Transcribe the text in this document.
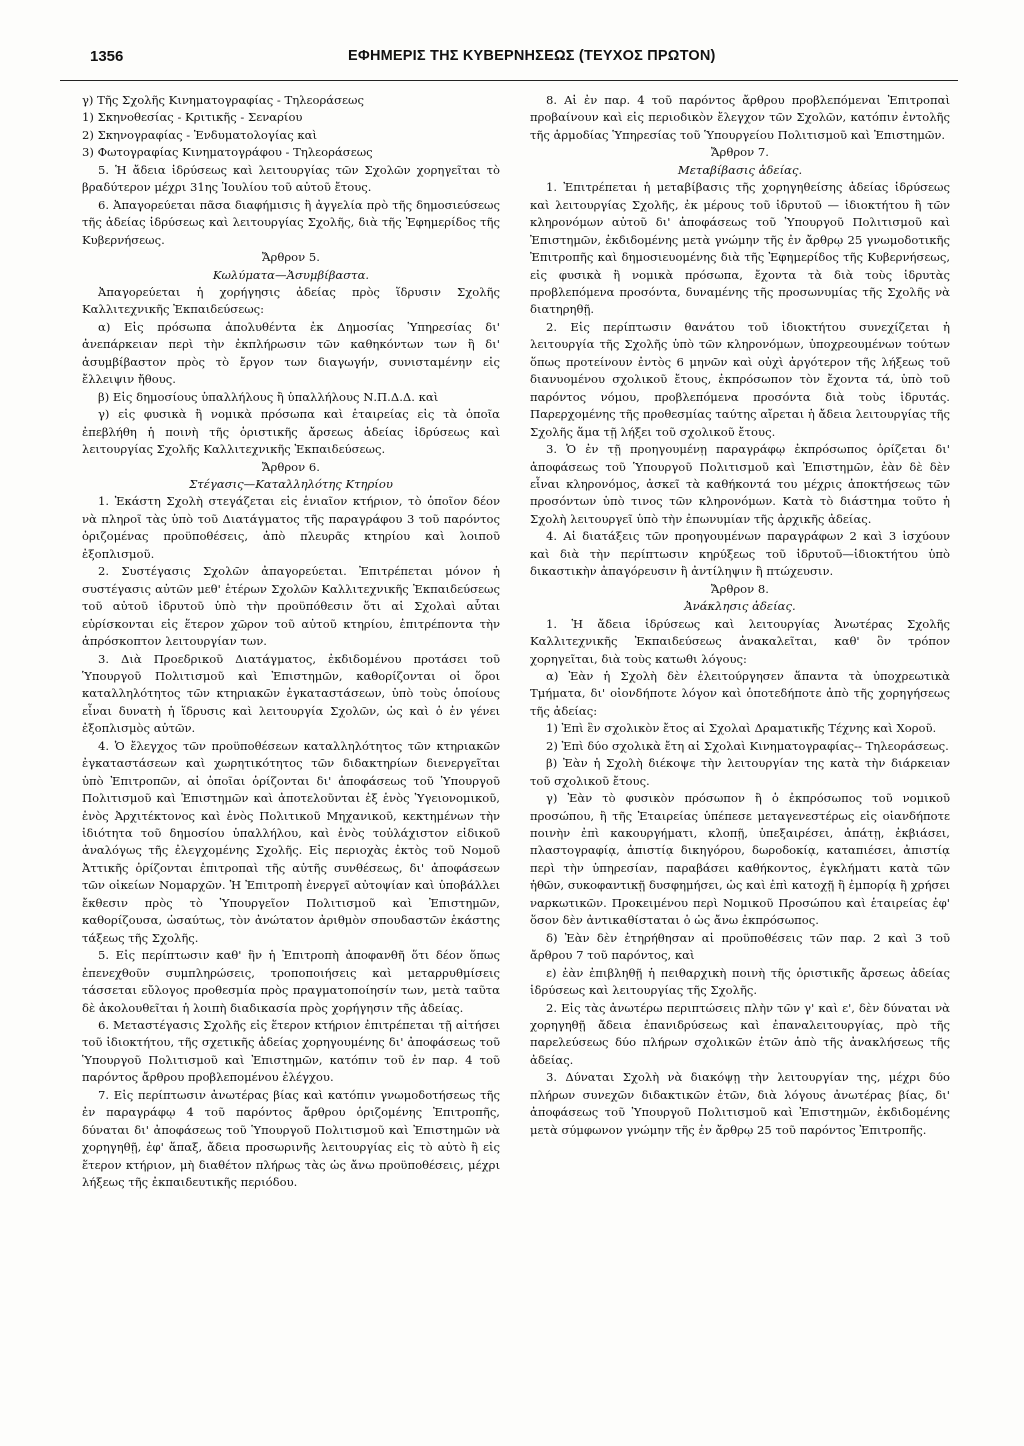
1356	ΕΦΗΜΕΡΙΣ ΤΗΣ ΚΥΒΕΡΝΗΣΕΩΣ (ΤΕΥΧΟΣ ΠΡΩΤΟΝ)

γ) Τῆς Σχολῆς Κινηματογραφίας - Τηλεοράσεως

1) Σκηνοθεσίας - Κριτικῆς - Σεναρίου

2) Σκηνογραφίας - Ἐνδυματολογίας καὶ

3) Φωτογραφίας Κινηματογράφου - Τηλεοράσεως

5. Ἡ ἄδεια ἱδρύσεως καὶ λειτουργίας τῶν Σχολῶν χορηγεῖται τὸ βραδύτερον μέχρι 31ης Ἰουλίου τοῦ αὐτοῦ ἔτους.

6. Ἀπαγορεύεται πᾶσα διαφήμισις ἢ ἀγγελία πρὸ τῆς δημοσιεύσεως τῆς ἀδείας ἱδρύσεως καὶ λειτουργίας Σχολῆς, διὰ τῆς Ἐφημερίδος τῆς Κυβερνήσεως.

Ἄρθρον 5.

Κωλύματα—Ἀσυμβίβαστα.

Ἀπαγορεύεται ἡ χορήγησις ἀδείας πρὸς ἵδρυσιν Σχολῆς Καλλιτεχνικῆς Ἐκπαιδεύσεως:

α) Εἰς πρόσωπα ἀπολυθέντα ἐκ Δημοσίας Ὑπηρεσίας δι' ἀνεπάρκειαν περὶ τὴν ἐκπλήρωσιν τῶν καθηκόντων των ἢ δι' ἀσυμβίβαστον πρὸς τὸ ἔργον των διαγωγήν, συνισταμένην εἰς ἔλλειψιν ἤθους.

β) Εἰς δημοσίους ὑπαλλήλους ἢ ὑπαλλήλους Ν.Π.Δ.Δ. καὶ

γ) εἰς φυσικὰ ἢ νομικὰ πρόσωπα καὶ ἑταιρείας εἰς τὰ ὁποῖα ἐπεβλήθη ἡ ποινὴ τῆς ὁριστικῆς ἄρσεως ἀδείας ἱδρύσεως καὶ λειτουργίας Σχολῆς Καλλιτεχνικῆς Ἐκπαιδεύσεως.

Ἄρθρον 6.

Στέγασις—Καταλληλότης Κτηρίου

1. Ἑκάστη Σχολὴ στεγάζεται εἰς ἑνιαῖον κτήριον, τὸ ὁποῖον δέον νὰ πληροῖ τὰς ὑπὸ τοῦ Διατάγματος τῆς παραγράφου 3 τοῦ παρόντος ὁριζομένας προϋποθέσεις, ἀπὸ πλευρᾶς κτηρίου καὶ λοιποῦ ἐξοπλισμοῦ.

2. Συστέγασις Σχολῶν ἀπαγορεύεται. Ἐπιτρέπεται μόνον ἡ συστέγασις αὐτῶν μεθ' ἑτέρων Σχολῶν Καλλιτεχνικῆς Ἐκπαιδεύσεως τοῦ αὐτοῦ ἱδρυτοῦ ὑπὸ τὴν προϋπόθεσιν ὅτι αἱ Σχολαὶ αὗται εὑρίσκονται εἰς ἕτερον χῶρον τοῦ αὐτοῦ κτηρίου, ἐπιτρέποντα τὴν ἀπρόσκοπτον λειτουργίαν των.

3. Διὰ Προεδρικοῦ Διατάγματος, ἐκδιδομένου προτάσει τοῦ Ὑπουργοῦ Πολιτισμοῦ καὶ Ἐπιστημῶν, καθορίζονται οἱ ὅροι καταλληλότητος τῶν κτηριακῶν ἐγκαταστάσεων, ὑπὸ τοὺς ὁποίους εἶναι δυνατὴ ἡ ἵδρυσις καὶ λειτουργία Σχολῶν, ὡς καὶ ὁ ἐν γένει ἐξοπλισμὸς αὐτῶν.

4. Ὁ ἔλεγχος τῶν προϋποθέσεων καταλληλότητος τῶν κτηριακῶν ἐγκαταστάσεων καὶ χωρητικότητος τῶν διδακτηρίων διενεργεῖται ὑπὸ Ἐπιτροπῶν, αἱ ὁποῖαι ὁρίζονται δι' ἀποφάσεως τοῦ Ὑπουργοῦ Πολιτισμοῦ καὶ Ἐπιστημῶν καὶ ἀποτελοῦνται ἐξ ἑνὸς Ὑγειονομικοῦ, ἑνὸς Ἀρχιτέκτονος καὶ ἑνὸς Πολιτικοῦ Μηχανικοῦ, κεκτημένων τὴν ἰδιότητα τοῦ δημοσίου ὑπαλλήλου, καὶ ἑνὸς τοὐλάχιστον εἰδικοῦ ἀναλόγως τῆς ἐλεγχομένης Σχολῆς. Εἰς περιοχὰς ἐκτὸς τοῦ Νομοῦ Ἀττικῆς ὁρίζονται ἐπιτροπαὶ τῆς αὐτῆς συνθέσεως, δι' ἀποφάσεων τῶν οἰκείων Νομαρχῶν. Ἡ Ἐπιτροπὴ ἐνεργεῖ αὐτοψίαν καὶ ὑποβάλλει ἔκθεσιν πρὸς τὸ Ὑπουργεῖον Πολιτισμοῦ καὶ Ἐπιστημῶν, καθορίζουσα, ὡσαύτως, τὸν ἀνώτατον ἀριθμὸν σπουδαστῶν ἑκάστης τάξεως τῆς Σχολῆς.

5. Εἰς περίπτωσιν καθ' ἣν ἡ Ἐπιτροπὴ ἀποφανθῆ ὅτι δέον ὅπως ἐπενεχθοῦν συμπληρώσεις, τροποποιήσεις καὶ μεταρρυθμίσεις τάσσεται εὔλογος προθεσμία πρὸς πραγματοποίησίν των, μετὰ ταῦτα δὲ ἀκολουθεῖται ἡ λοιπὴ διαδικασία πρὸς χορήγησιν τῆς ἀδείας.

6. Μεταστέγασις Σχολῆς εἰς ἕτερον κτήριον ἐπιτρέπεται τῇ αἰτήσει τοῦ ἰδιοκτήτου, τῆς σχετικῆς ἀδείας χορηγουμένης δι' ἀποφάσεως τοῦ Ὑπουργοῦ Πολιτισμοῦ καὶ Ἐπιστημῶν, κατόπιν τοῦ ἐν παρ. 4 τοῦ παρόντος ἄρθρου προβλεπομένου ἐλέγχου.

7. Εἰς περίπτωσιν ἀνωτέρας βίας καὶ κατόπιν γνωμοδοτήσεως τῆς ἐν παραγράφῳ 4 τοῦ παρόντος ἄρθρου ὁριζομένης Ἐπιτροπῆς, δύναται δι' ἀποφάσεως τοῦ Ὑπουργοῦ Πολιτισμοῦ καὶ Ἐπιστημῶν νὰ χορηγηθῇ, ἐφ' ἅπαξ, ἄδεια προσωρινῆς λειτουργίας εἰς τὸ αὐτὸ ἢ εἰς ἕτερον κτήριον, μὴ διαθέτον πλήρως τὰς ὡς ἄνω προϋποθέσεις, μέχρι λήξεως τῆς ἐκπαιδευτικῆς περιόδου.

8. Αἱ ἐν παρ. 4 τοῦ παρόντος ἄρθρου προβλεπόμεναι Ἐπιτροπαὶ προβαίνουν καὶ εἰς περιοδικὸν ἔλεγχον τῶν Σχολῶν, κατόπιν ἐντολῆς τῆς ἁρμοδίας Ὑπηρεσίας τοῦ Ὑπουργείου Πολιτισμοῦ καὶ Ἐπιστημῶν.

Ἄρθρον 7.

Μεταβίβασις ἀδείας.

1. Ἐπιτρέπεται ἡ μεταβίβασις τῆς χορηγηθείσης ἀδείας ἱδρύσεως καὶ λειτουργίας Σχολῆς, ἐκ μέρους τοῦ ἱδρυτοῦ — ἰδιοκτήτου ἢ τῶν κληρονόμων αὐτοῦ δι' ἀποφάσεως τοῦ Ὑπουργοῦ Πολιτισμοῦ καὶ Ἐπιστημῶν, ἐκδιδομένης μετὰ γνώμην τῆς ἐν ἄρθρῳ 25 γνωμοδοτικῆς Ἐπιτροπῆς καὶ δημοσιευομένης διὰ τῆς Ἐφημερίδος τῆς Κυβερνήσεως, εἰς φυσικὰ ἢ νομικὰ πρόσωπα, ἔχοντα τὰ διὰ τοὺς ἱδρυτὰς προβλεπόμενα προσόντα, δυναμένης τῆς προσωνυμίας τῆς Σχολῆς νὰ διατηρηθῇ.

2. Εἰς περίπτωσιν θανάτου τοῦ ἰδιοκτήτου συνεχίζεται ἡ λειτουργία τῆς Σχολῆς ὑπὸ τῶν κληρονόμων, ὑποχρεουμένων τούτων ὅπως προτείνουν ἐντὸς 6 μηνῶν καὶ οὐχὶ ἀργότερον τῆς λήξεως τοῦ διανυομένου σχολικοῦ ἔτους, ἐκπρόσωπον τὸν ἔχοντα τά, ὑπὸ τοῦ παρόντος νόμου, προβλεπόμενα προσόντα διὰ τοὺς ἱδρυτάς. Παρερχομένης τῆς προθεσμίας ταύτης αἴρεται ἡ ἄδεια λειτουργίας τῆς Σχολῆς ἅμα τῇ λήξει τοῦ σχολικοῦ ἔτους.

3. Ὁ ἐν τῇ προηγουμένῃ παραγράφῳ ἐκπρόσωπος ὁρίζεται δι' ἀποφάσεως τοῦ Ὑπουργοῦ Πολιτισμοῦ καὶ Ἐπιστημῶν, ἐὰν δὲ δὲν εἶναι κληρονόμος, ἀσκεῖ τὰ καθήκοντά του μέχρις ἀποκτήσεως τῶν προσόντων ὑπὸ τινος τῶν κληρονόμων. Κατὰ τὸ διάστημα τοῦτο ἡ Σχολὴ λειτουργεῖ ὑπὸ τὴν ἐπωνυμίαν τῆς ἀρχικῆς ἀδείας.

4. Αἱ διατάξεις τῶν προηγουμένων παραγράφων 2 καὶ 3 ἰσχύουν καὶ διὰ τὴν περίπτωσιν κηρύξεως τοῦ ἱδρυτοῦ—ἰδιοκτήτου ὑπὸ δικαστικὴν ἀπαγόρευσιν ἢ ἀντίληψιν ἢ πτώχευσιν.

Ἄρθρον 8.

Ἀνάκλησις ἀδείας.

1. Ἡ ἄδεια ἱδρύσεως καὶ λειτουργίας Ἀνωτέρας Σχολῆς Καλλιτεχνικῆς Ἐκπαιδεύσεως ἀνακαλεῖται, καθ' ὃν τρόπον χορηγεῖται, διὰ τοὺς κατωθι λόγους:

α) Ἐὰν ἡ Σχολὴ δὲν ἐλειτούργησεν ἅπαντα τὰ ὑποχρεωτικὰ Τμήματα, δι' οἱονδήποτε λόγον καὶ ὁποτεδήποτε ἀπὸ τῆς χορηγήσεως τῆς ἀδείας:

1) Ἐπὶ ἓν σχολικὸν ἔτος αἱ Σχολαὶ Δραματικῆς Τέχνης καὶ Χοροῦ.

2) Ἐπὶ δύο σχολικὰ ἔτη αἱ Σχολαὶ Κινηματογραφίας-- Τηλεοράσεως.

β) Ἐὰν ἡ Σχολὴ διέκοψε τὴν λειτουργίαν της κατὰ τὴν διάρκειαν τοῦ σχολικοῦ ἔτους.

γ) Ἐὰν τὸ φυσικὸν πρόσωπον ἢ ὁ ἐκπρόσωπος τοῦ νομικοῦ προσώπου, ἢ τῆς Ἑταιρείας ὑπέπεσε μεταγενεστέρως εἰς οἱανδήποτε ποινὴν ἐπὶ κακουργήματι, κλοπῇ, ὑπεξαιρέσει, ἀπάτῃ, ἐκβιάσει, πλαστογραφίᾳ, ἀπιστίᾳ δικηγόρου, δωροδοκίᾳ, καταπιέσει, ἀπιστίᾳ περὶ τὴν ὑπηρεσίαν, παραβάσει καθήκοντος, ἐγκλήματι κατὰ τῶν ἠθῶν, συκοφαντικῇ δυσφημήσει, ὡς καὶ ἐπὶ κατοχῇ ἢ ἐμπορίᾳ ἢ χρήσει ναρκωτικῶν. Προκειμένου περὶ Νομικοῦ Προσώπου καὶ ἑταιρείας ἐφ' ὅσον δὲν ἀντικαθίσταται ὁ ὡς ἄνω ἐκπρόσωπος.

δ) Ἐὰν δὲν ἐτηρήθησαν αἱ προϋποθέσεις τῶν παρ. 2 καὶ 3 τοῦ ἄρθρου 7 τοῦ παρόντος, καὶ

ε) ἐὰν ἐπιβληθῇ ἡ πειθαρχικὴ ποινὴ τῆς ὁριστικῆς ἄρσεως ἀδείας ἱδρύσεως καὶ λειτουργίας τῆς Σχολῆς.

2. Εἰς τὰς ἀνωτέρω περιπτώσεις πλὴν τῶν γ' καὶ ε', δὲν δύναται νὰ χορηγηθῇ ἄδεια ἐπανιδρύσεως καὶ ἐπαναλειτουργίας, πρὸ τῆς παρελεύσεως δύο πλήρων σχολικῶν ἐτῶν ἀπὸ τῆς ἀνακλήσεως τῆς ἀδείας.

3. Δύναται Σχολὴ νὰ διακόψῃ τὴν λειτουργίαν της, μέχρι δύο πλήρων συνεχῶν διδακτικῶν ἐτῶν, διὰ λόγους ἀνωτέρας βίας, δι' ἀποφάσεως τοῦ Ὑπουργοῦ Πολιτισμοῦ καὶ Ἐπιστημῶν, ἐκδιδομένης μετὰ σύμφωνον γνώμην τῆς ἐν ἄρθρῳ 25 τοῦ παρόντος Ἐπιτροπῆς.
